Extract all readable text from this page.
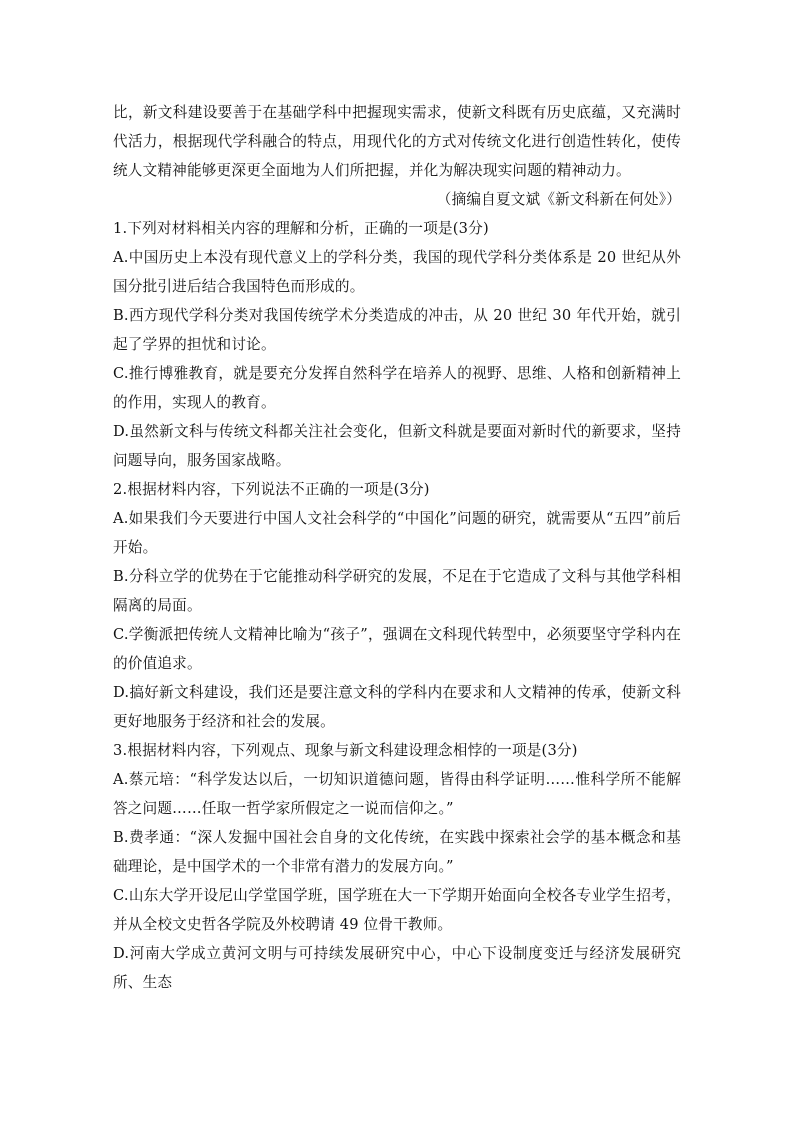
比，新文科建设要善于在基础学科中把握现实需求，使新文科既有历史底蕴，又充满时代活力，根据现代学科融合的特点，用现代化的方式对传统文化进行创造性转化，使传统人文精神能够更深更全面地为人们所把握，并化为解决现实问题的精神动力。

（摘编自夏文斌《新文科新在何处》）

1.下列对材料相关内容的理解和分析，正确的一项是(3分)

A.中国历史上本没有现代意义上的学科分类，我国的现代学科分类体系是 20 世纪从外国分批引进后结合我国特色而形成的。

B.西方现代学科分类对我国传统学术分类造成的冲击，从 20 世纪 30 年代开始，就引起了学界的担忧和讨论。

C.推行博雅教育，就是要充分发挥自然科学在培养人的视野、思维、人格和创新精神上的作用，实现人的教育。

D.虽然新文科与传统文科都关注社会变化，但新文科就是要面对新时代的新要求，坚持问题导向，服务国家战略。

2.根据材料内容，下列说法不正确的一项是(3分)

A.如果我们今天要进行中国人文社会科学的“中国化”问题的研究，就需要从“五四”前后开始。

B.分科立学的优势在于它能推动科学研究的发展，不足在于它造成了文科与其他学科相隔离的局面。

C.学衡派把传统人文精神比喻为“孩子”，强调在文科现代转型中，必须要坚守学科内在的价值追求。

D.搞好新文科建设，我们还是要注意文科的学科内在要求和人文精神的传承，使新文科更好地服务于经济和社会的发展。

3.根据材料内容，下列观点、现象与新文科建设理念相悖的一项是(3分)

A.蔡元培：“科学发达以后，一切知识道德问题，皆得由科学证明……惟科学所不能解答之问题……任取一哲学家所假定之一说而信仰之。”

B.费孝通：“深人发掘中国社会自身的文化传统，在实践中探索社会学的基本概念和基础理论，是中国学术的一个非常有潜力的发展方向。”

C.山东大学开设尼山学堂国学班，国学班在大一下学期开始面向全校各专业学生招考，并从全校文史哲各学院及外校聘请 49 位骨干教师。

D.河南大学成立黄河文明与可持续发展研究中心，中心下设制度变迁与经济发展研究所、生态
